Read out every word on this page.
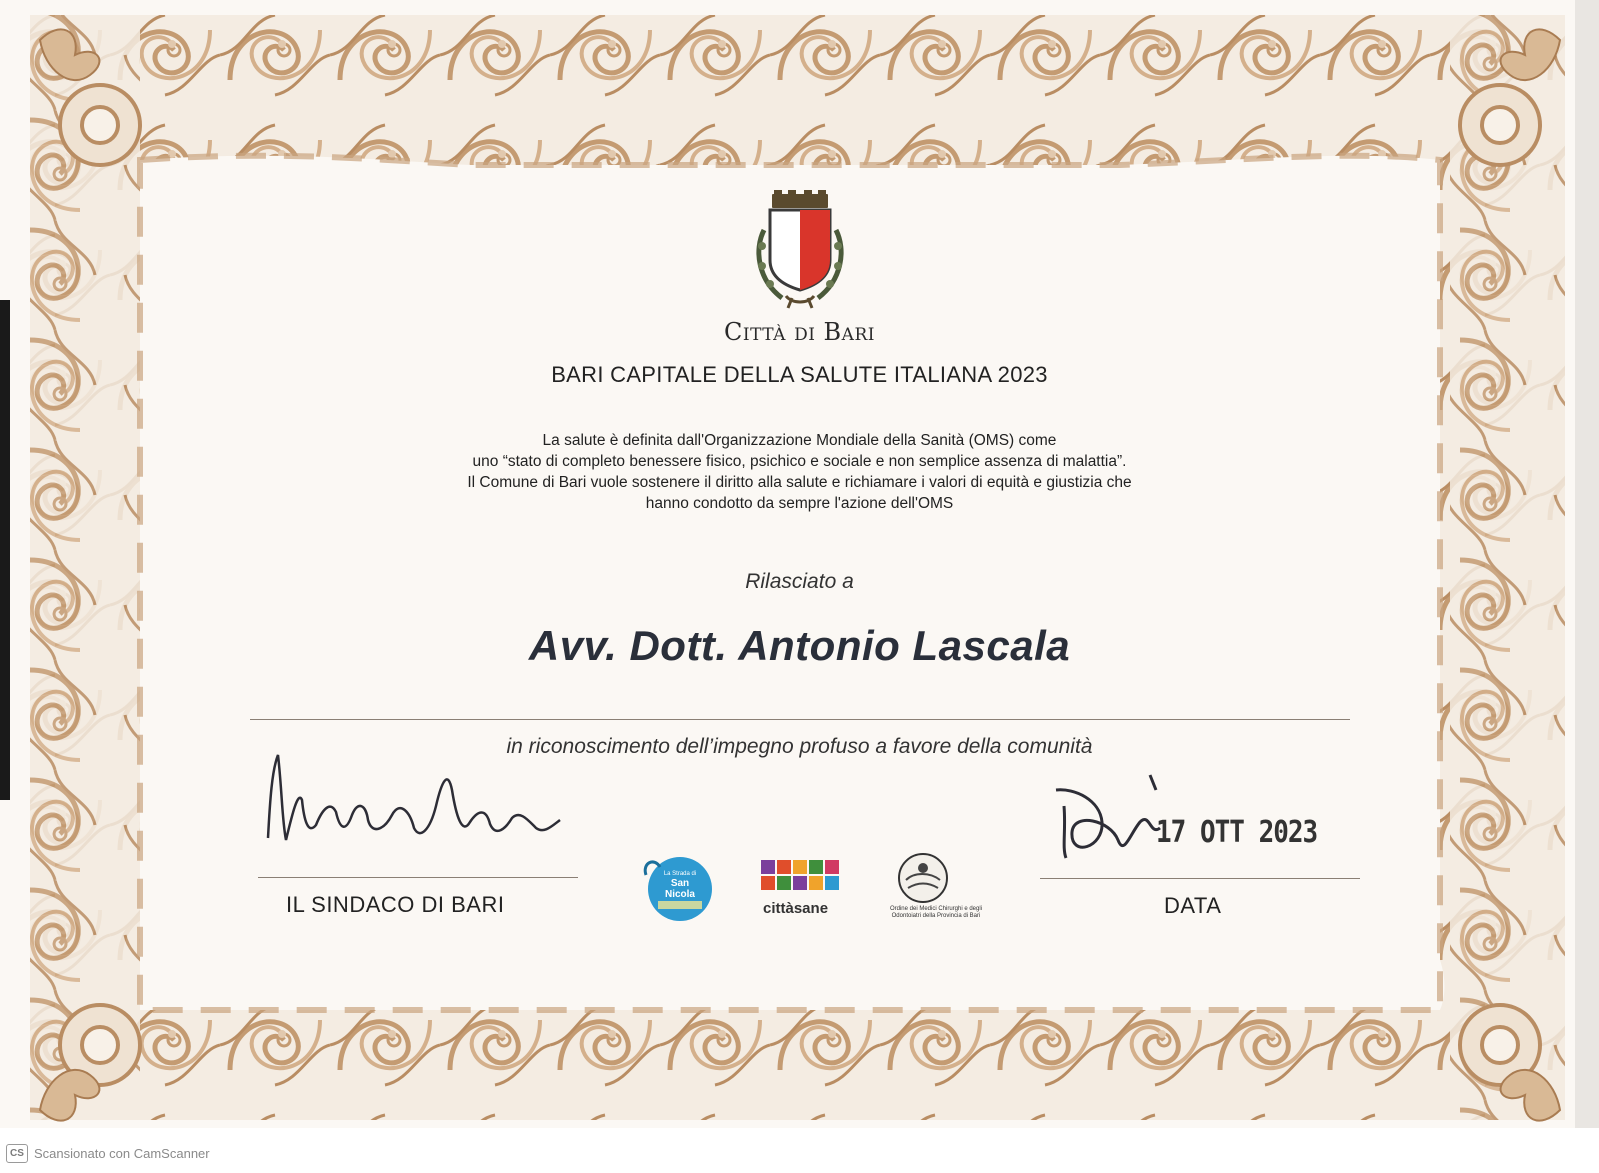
Città di Bari
BARI CAPITALE DELLA SALUTE ITALIANA 2023
La salute è definita dall'Organizzazione Mondiale della Sanità (OMS) come
uno “stato di completo benessere fisico, psichico e sociale e non semplice assenza di malattia”.
Il Comune di Bari vuole sostenere il diritto alla salute e richiamare i valori di equità e giustizia che
hanno condotto da sempre l'azione dell'OMS
Rilasciato a
Avv. Dott. Antonio Lascala
in riconoscimento dell’impegno profuso a favore della comunità
17 OTT 2023
IL SINDACO DI BARI	DATA
La Strada di
San
Nicola
cittàsane	Ordine dei Medici Chirurghi e degli Odontoiatri della Provincia di Bari
CS Scansionato con CamScanner
